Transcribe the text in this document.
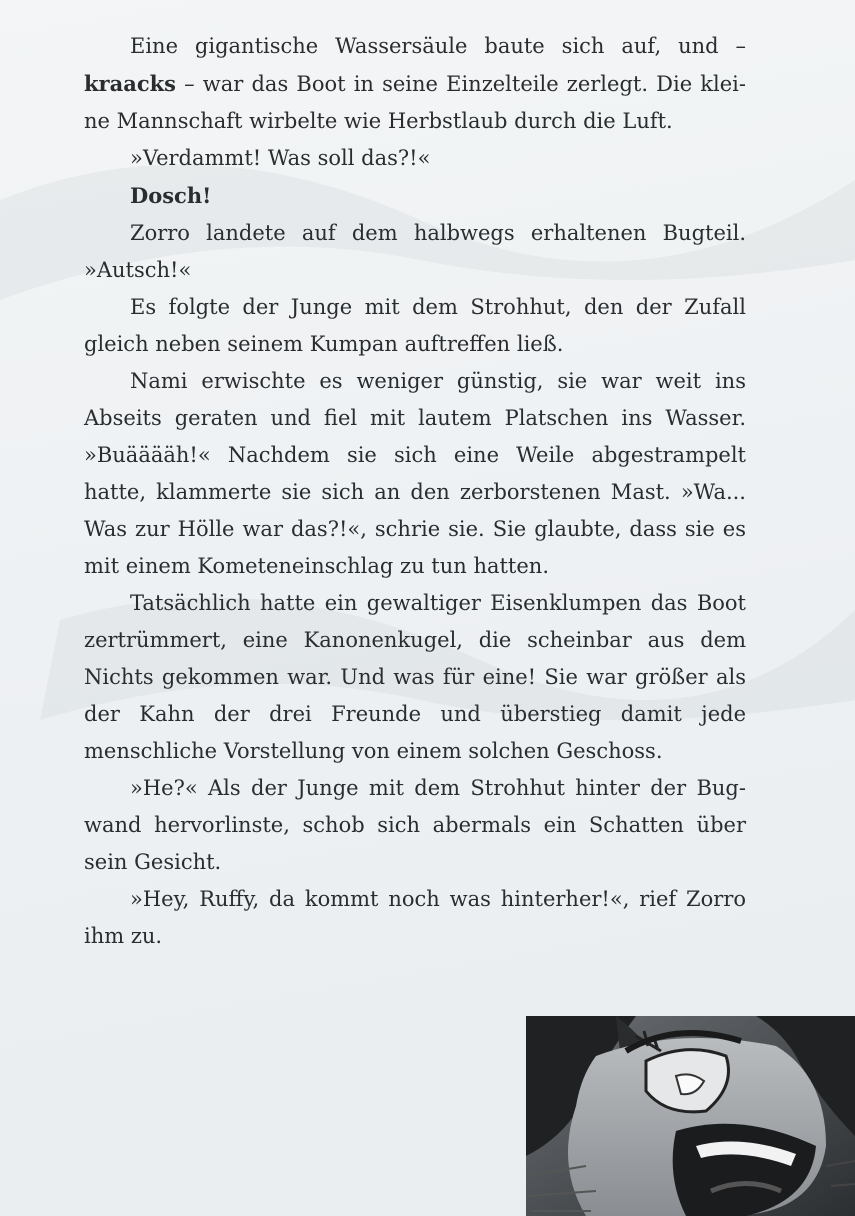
Eine gigantische Wassersäule baute sich auf, und – kraacks – war das Boot in seine Einzelteile zerlegt. Die kleine Mannschaft wirbelte wie Herbstlaub durch die Luft.

»Verdammt! Was soll das?!«

Dosch!

Zorro landete auf dem halbwegs erhaltenen Bugteil. »Autsch!«

Es folgte der Junge mit dem Strohhut, den der Zufall gleich neben seinem Kumpan auftreffen ließ.

Nami erwischte es weniger günstig, sie war weit ins Abseits geraten und fiel mit lautem Platschen ins Wasser. »Buääääh!« Nachdem sie sich eine Weile abgestrampelt hatte, klammerte sie sich an den zerborstenen Mast. »Wa... Was zur Hölle war das?!«, schrie sie. Sie glaubte, dass sie es mit einem Kometeneinschlag zu tun hatten.

Tatsächlich hatte ein gewaltiger Eisenklumpen das Boot zertrümmert, eine Kanonenkugel, die scheinbar aus dem Nichts gekommen war. Und was für eine! Sie war größer als der Kahn der drei Freunde und überstieg damit jede menschliche Vorstellung von einem solchen Geschoss.

»He?« Als der Junge mit dem Strohhut hinter der Bugwand hervorlinste, schob sich abermals ein Schatten über sein Gesicht.

»Hey, Ruffy, da kommt noch was hinterher!«, rief Zorro ihm zu.
